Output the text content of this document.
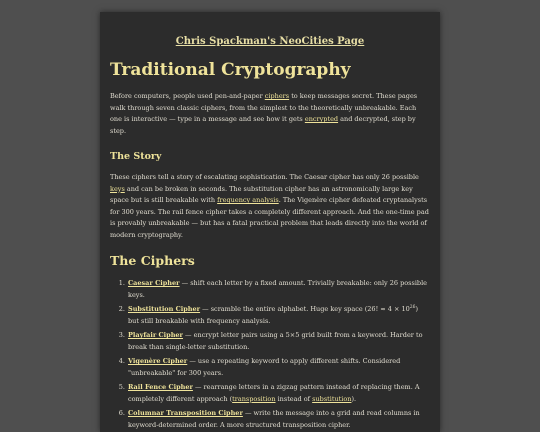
Chris Spackman's NeoCities Page
Traditional Cryptography

Before computers, people used pen-and-paper ciphers to keep messages secret. These pages walk through seven classic ciphers, from the simplest to the theoretically unbreakable. Each one is interactive — type in a message and see how it gets encrypted and decrypted, step by step.

The Story

These ciphers tell a story of escalating sophistication. The Caesar cipher has only 26 possible keys and can be broken in seconds. The substitution cipher has an astronomically large key space but is still breakable with frequency analysis. The Vigenère cipher defeated cryptanalysts for 300 years. The rail fence cipher takes a completely different approach. And the one-time pad is provably unbreakable — but has a fatal practical problem that leads directly into the world of modern cryptography.

The Ciphers
1. Caesar Cipher — shift each letter by a fixed amount. Trivially breakable: only 26 possible keys.
2. Substitution Cipher — scramble the entire alphabet. Huge key space (26! ≈ $4 \times 10^{26}$) but still breakable with frequency analysis.
3. Playfair Cipher — encrypt letter pairs using a 5×5 grid built from a keyword. Harder to break than single-letter substitution.
4. Vigenère Cipher — use a repeating keyword to apply different shifts. Considered "unbreakable" for 300 years.
5. Rail Fence Cipher — rearrange letters in a zigzag pattern instead of replacing them. A completely different approach (transposition instead of substitution).
6. Columnar Transposition Cipher — write the message into a grid and read columns in keyword-determined order. A more structured transposition cipher.
